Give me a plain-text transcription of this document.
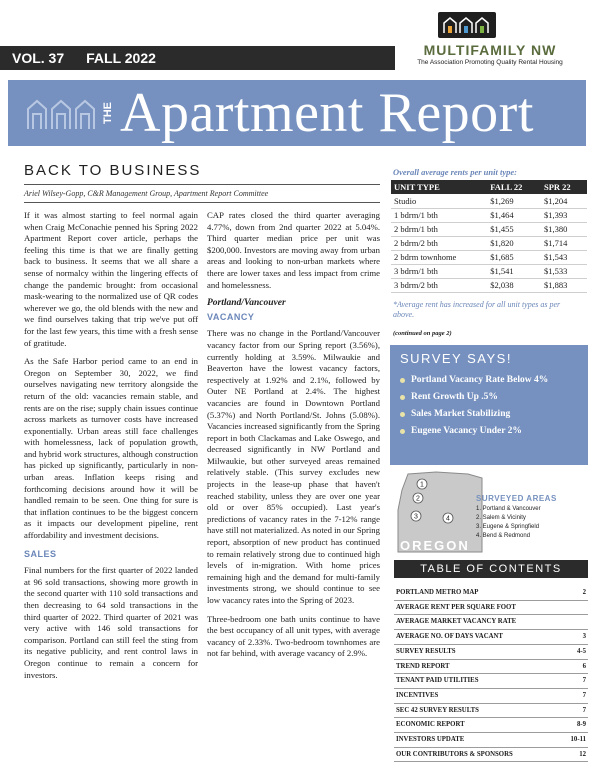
VOL. 37 FALL 2022	MULTIFAMILY NW
The Association Promoting Quality Rental Housing
THE Apartment Report
BACK TO BUSINESS
Ariel Wilsey-Gopp, C&R Management Group, Apartment Report Committee

If it was almost starting to feel normal again when Craig McConachie penned his Spring 2022 Apartment Report cover article, perhaps the feeling this time is that we are finally getting back to business. It seems that we all share a sense of normalcy within the lingering effects of change the pandemic brought: from occasional mask-wearing to the normalized use of QR codes wherever we go, the old blends with the new and we find ourselves taking that trip we've put off for the last few years, this time with a fresh sense of gratitude.

As the Safe Harbor period came to an end in Oregon on September 30, 2022, we find ourselves navigating new territory alongside the return of the old: vacancies remain stable, and rents are on the rise; supply chain issues continue across markets as turnover costs have increased exponentially. Urban areas still face challenges with homelessness, lack of population growth, and hybrid work structures, although construction has picked up significantly, particularly in non-urban areas. Inflation keeps rising and forthcoming decisions around how it will be handled remain to be seen. One thing for sure is that inflation continues to be the biggest concern as it impacts our development pipeline, rent affordability and investment decisions.

SALES

Final numbers for the first quarter of 2022 landed at 96 sold transactions, showing more growth in the second quarter with 110 sold transactions and then decreasing to 64 sold transactions in the third quarter of 2022. Third quarter of 2021 was very active with 146 sold transactions for comparison. Portland can still feel the sting from its negative publicity, and rent control laws in Oregon continue to remain a concern for investors.

CAP rates closed the third quarter averaging 4.77%, down from 2nd quarter 2022 at 5.04%. Third quarter median price per unit was $200,000. Investors are moving away from urban areas and looking to non-urban markets where there are lower taxes and less impact from crime and homelessness.

Portland/Vancouver
VACANCY

There was no change in the Portland/Vancouver vacancy factor from our Spring report (3.56%), currently holding at 3.59%. Milwaukie and Beaverton have the lowest vacancy factors, respectively at 1.92% and 2.1%, followed by Outer NE Portland at 2.4%. The highest vacancies are found in Downtown Portland (5.37%) and North Portland/St. Johns (5.08%). Vacancies increased significantly from the Spring report in both Clackamas and Lake Oswego, and decreased significantly in NW Portland and Milwaukie, but other surveyed areas remained relatively stable. (This survey excludes new projects in the lease-up phase that haven't reached stability, unless they are over one year old or over 85% occupied). Last year's predictions of vacancy rates in the 7-12% range have still not materialized. As noted in our Spring report, absorption of new product has continued to remain relatively strong due to continued high levels of in-migration. With home prices remaining high and the demand for multi-family investments strong, we should continue to see low vacancy rates into the Spring of 2023.

Three-bedroom one bath units continue to have the best occupancy of all unit types, with average vacancy of 2.33%. Two-bedroom townhomes are not far behind, with average vacancy of 2.9%.

Overall average rents per unit type:
UNIT TYPE	FALL 22	SPR 22
Studio	$1,269	$1,204
1 bdrm/1 bth	$1,464	$1,393
2 bdrm/1 bth	$1,455	$1,380
2 bdrm/2 bth	$1,820	$1,714
2 bdrm townhome	$1,685	$1,543
3 bdrm/1 bth	$1,541	$1,533
3 bdrm/2 bth	$2,038	$1,883
*Average rent has increased for all unit types as per above.
(continued on page 2)
SURVEY SAYS!
Portland Vacancy Rate Below 4%
Rent Growth Up .5%
Sales Market Stabilizing
Eugene Vacancy Under 2%
1
2
3	4
OREGON
SURVEYED AREAS
1. Portland & Vancouver
2. Salem & Vicinity
3. Eugene & Springfield
4. Bend & Redmond
TABLE OF CONTENTS
PORTLAND METRO MAP	2
AVERAGE RENT PER SQUARE FOOT
AVERAGE MARKET VACANCY RATE
AVERAGE NO. OF DAYS VACANT	3
SURVEY RESULTS	4-5
TREND REPORT	6
TENANT PAID UTILITIES	7
INCENTIVES	7
SEC 42 SURVEY RESULTS	7
ECONOMIC REPORT	8-9
INVESTORS UPDATE	10-11
OUR CONTRIBUTORS & SPONSORS	12
